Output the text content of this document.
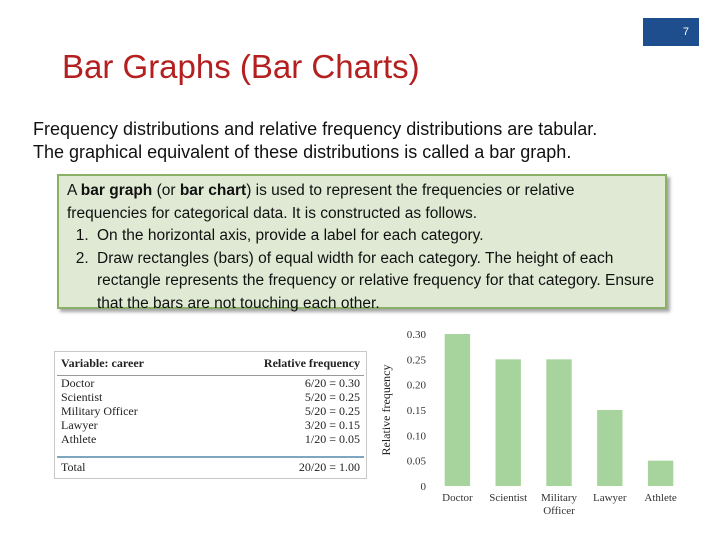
7
Bar Graphs (Bar Charts)

Frequency distributions and relative frequency distributions are tabular.

The graphical equivalent of these distributions is called a bar graph.

A bar graph (or bar chart) is used to represent the frequencies or relative frequencies for categorical data. It is constructed as follows.

1. On the horizontal axis, provide a label for each category.
2. Draw rectangles (bars) of equal width for each category. The height of each rectangle represents the frequency or relative frequency for that category. Ensure that the bars are not touching each other.
Variable: career	Relative frequency
Doctor	6/20 = 0.30
Scientist	5/20 = 0.25
Military Officer	5/20 = 0.25
Lawyer	3/20 = 0.15
Athlete	1/20 = 0.05

Total	20/20 = 1.00
Relative frequency
0
0.05
0.10
0.15
0.20
0.25
0.30
Doctor Scientist Military
Officer
Lawyer Athlete
